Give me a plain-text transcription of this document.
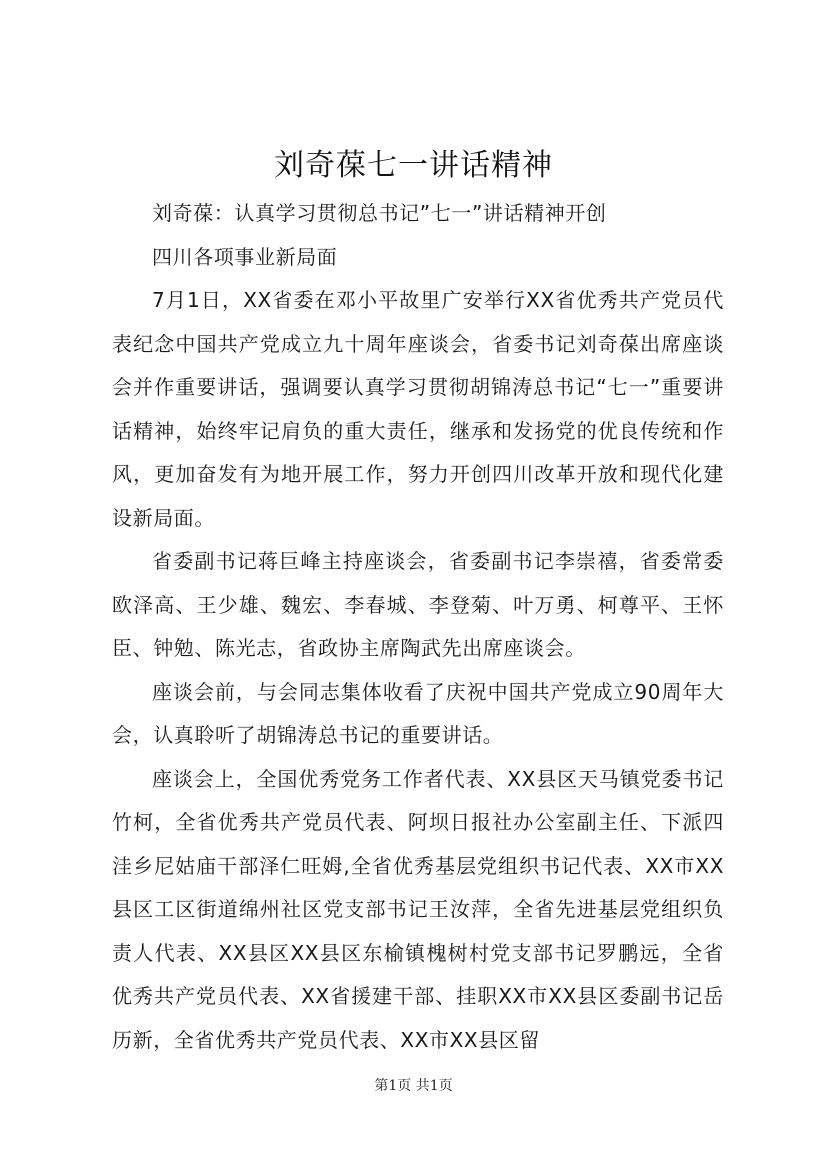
刘奇葆七一讲话精神

刘奇葆：认真学习贯彻总书记”七一”讲话精神开创

四川各项事业新局面

7月1日，XX省委在邓小平故里广安举行XX省优秀共产党员代表纪念中国共产党成立九十周年座谈会，省委书记刘奇葆出席座谈会并作重要讲话，强调要认真学习贯彻胡锦涛总书记“七一”重要讲话精神，始终牢记肩负的重大责任，继承和发扬党的优良传统和作风，更加奋发有为地开展工作，努力开创四川改革开放和现代化建设新局面。

省委副书记蒋巨峰主持座谈会，省委副书记李崇禧，省委常委欧泽高、王少雄、魏宏、李春城、李登菊、叶万勇、柯尊平、王怀臣、钟勉、陈光志，省政协主席陶武先出席座谈会。

座谈会前，与会同志集体收看了庆祝中国共产党成立90周年大会，认真聆听了胡锦涛总书记的重要讲话。

座谈会上，全国优秀党务工作者代表、XX县区天马镇党委书记竹柯，全省优秀共产党员代表、阿坝日报社办公室副主任、下派四洼乡尼姑庙干部泽仁旺姆,全省优秀基层党组织书记代表、XX市XX县区工区街道绵州社区党支部书记王汝萍，全省先进基层党组织负责人代表、XX县区XX县区东榆镇槐树村党支部书记罗鹏远，全省优秀共产党员代表、XX省援建干部、挂职XX市XX县区委副书记岳历新，全省优秀共产党员代表、XX市XX县区留

第1页 共1页
